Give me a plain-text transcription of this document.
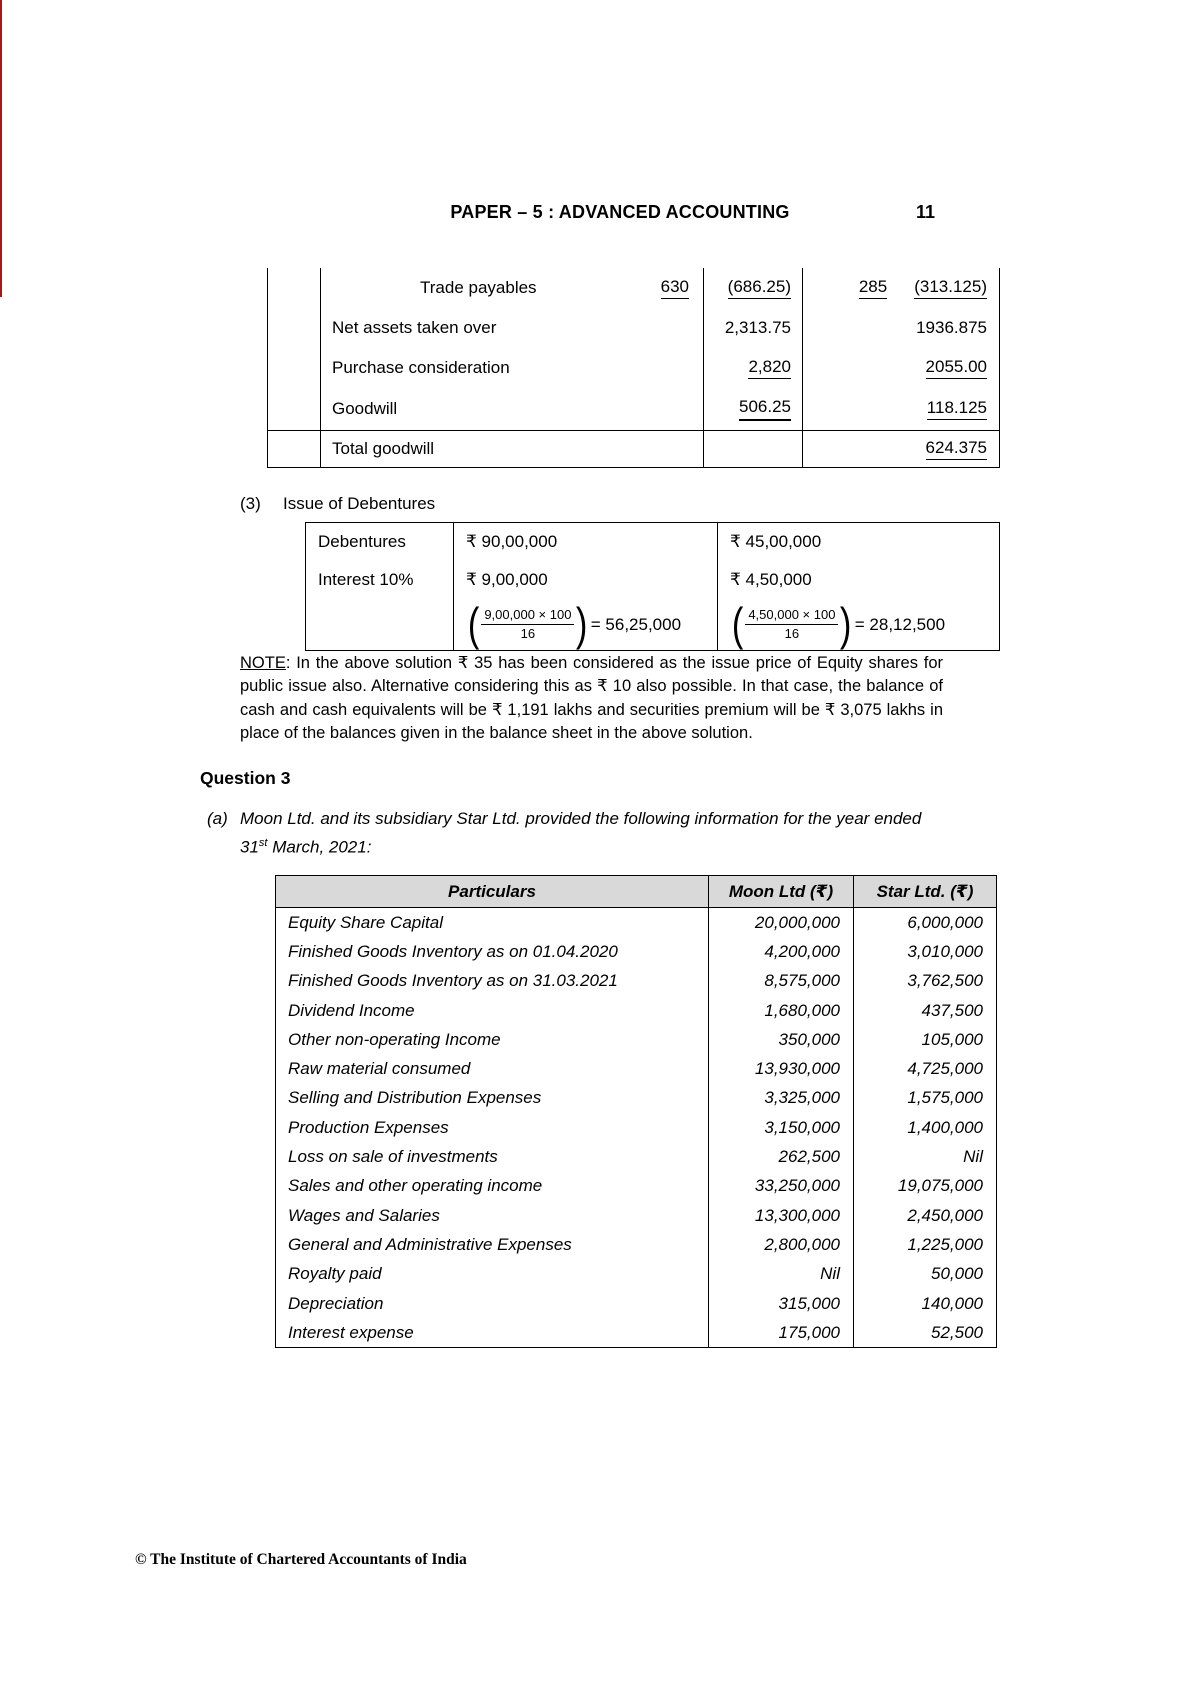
PAPER – 5 : ADVANCED ACCOUNTING	11
Trade payables	630 (686.25)	285 (313.125)
Net assets taken over	2,313.75	1936.875
Purchase consideration	2,820	2055.00
Goodwill	506.25	118.125
Total goodwill	624.375
(3) Issue of Debentures
Debentures	₹ 90,00,000	₹ 45,00,000
Interest 10%	₹ 9,00,000	₹ 4,50,000
( $\frac{9,00,000 \times 100}{16}$ ) = 56,25,000 ( $\frac{4,50,000 \times 100}{16}$ ) = 28,12,500
NOTE: In the above solution ₹ 35 has been considered as the issue price of Equity shares for public issue also. Alternative considering this as ₹ 10 also possible. In that case, the balance of cash and cash equivalents will be ₹ 1,191 lakhs and securities premium will be ₹ 3,075 lakhs in place of the balances given in the balance sheet in the above solution.
Question 3
(a) Moon Ltd. and its subsidiary Star Ltd. provided the following information for the year ended
31st March, 2021:
Particulars	Moon Ltd (₹)	Star Ltd. (₹)
Equity Share Capital	20,000,000	6,000,000
Finished Goods Inventory as on 01.04.2020	4,200,000	3,010,000
Finished Goods Inventory as on 31.03.2021	8,575,000	3,762,500
Dividend Income	1,680,000	437,500
Other non-operating Income	350,000	105,000
Raw material consumed	13,930,000	4,725,000
Selling and Distribution Expenses	3,325,000	1,575,000
Production Expenses	3,150,000	1,400,000
Loss on sale of investments	262,500	Nil
Sales and other operating income	33,250,000	19,075,000
Wages and Salaries	13,300,000	2,450,000
General and Administrative Expenses	2,800,000	1,225,000
Royalty paid	Nil	50,000
Depreciation	315,000	140,000
Interest expense	175,000	52,500
© The Institute of Chartered Accountants of India
